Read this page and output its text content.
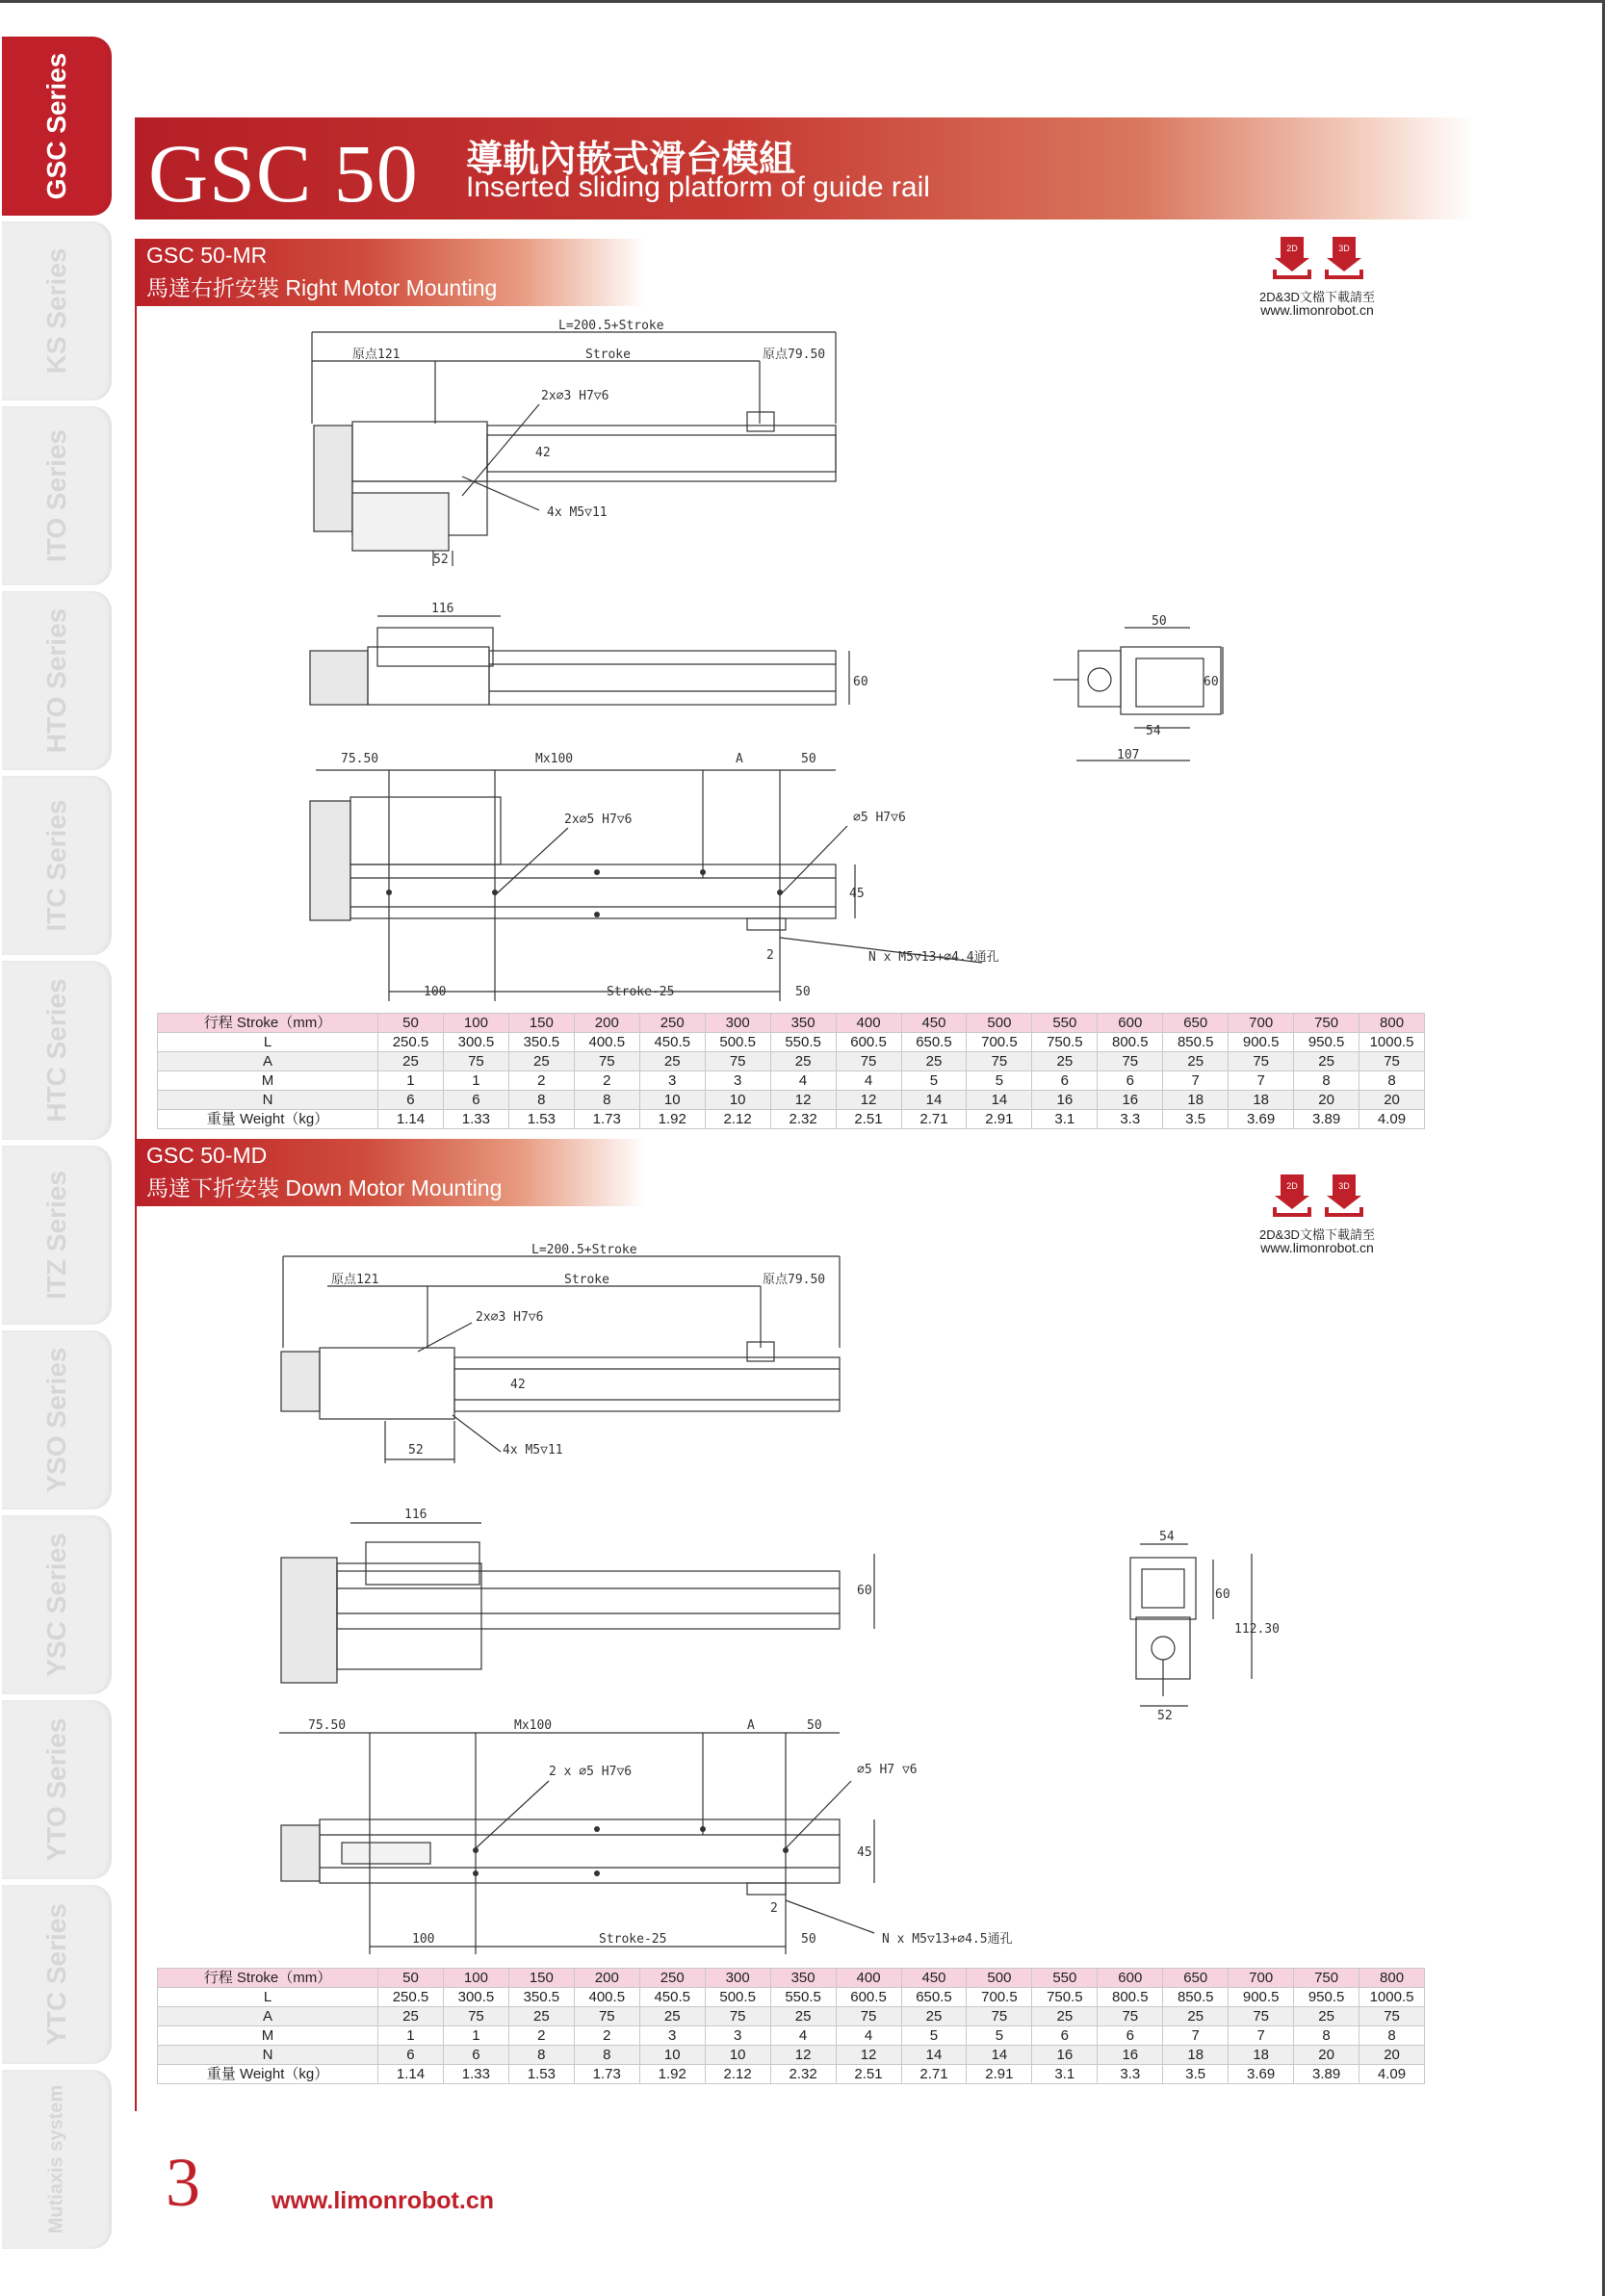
GSC Series
KS Series
ITO Series
HTO Series
ITC Series
HTC Series
ITZ Series
YSO Series
YSC Series
YTO Series
YTC Series
Mutiaxis system
GSC 50 導軌內嵌式滑台模組
Inserted sliding platform of guide rail
GSC 50-MR
馬達右折安裝 Right Motor Mounting
2D	3D
2D&3D文檔下載請至
www.limonrobot.cn
L=200.5+Stroke
原点121	Stroke	原点79.50
2x∅3 H7▽6
4x M5▽11
42
52
116
60
50
60
54
107
75.50	Mx100	A	50
2x∅5 H7▽6	∅5 H7▽6
45
2	N x M5▽13+∅4.4通孔
100	Stroke-25	50
行程 Stroke（mm）	50	100	150	200	250	300	350	400	450	500	550	600	650	700	750	800
L	250.5	300.5	350.5	400.5	450.5	500.5	550.5	600.5	650.5	700.5	750.5	800.5	850.5	900.5	950.5	1000.5
A	25	75	25	75	25	75	25	75	25	75	25	75	25	75	25	75
M	1	1	2	2	3	3	4	4	5	5	6	6	7	7	8	8
N	6	6	8	8	10	10	12	12	14	14	16	16	18	18	20	20
重量 Weight（kg）	1.14	1.33	1.53	1.73	1.92	2.12	2.32	2.51	2.71	2.91	3.1	3.3	3.5	3.69	3.89	4.09
GSC 50-MD
馬達下折安裝 Down Motor Mounting	2D	3D
2D&3D文檔下載請至
www.limonrobot.cn
L=200.5+Stroke
原点121	Stroke	原点79.50
2x∅3 H7▽6
4x M5▽11
42
52
116
60
54
60
112.30
52
75.50	Mx100	A	50
2 x ∅5 H7▽6	∅5 H7 ▽6
45
2
N x M5▽13+∅4.5通孔
100	Stroke-25	50
行程 Stroke（mm）	50	100	150	200	250	300	350	400	450	500	550	600	650	700	750	800
L	250.5	300.5	350.5	400.5	450.5	500.5	550.5	600.5	650.5	700.5	750.5	800.5	850.5	900.5	950.5	1000.5
A	25	75	25	75	25	75	25	75	25	75	25	75	25	75	25	75
M	1	1	2	2	3	3	4	4	5	5	6	6	7	7	8	8
N	6	6	8	8	10	10	12	12	14	14	16	16	18	18	20	20
重量 Weight（kg）	1.14	1.33	1.53	1.73	1.92	2.12	2.32	2.51	2.71	2.91	3.1	3.3	3.5	3.69	3.89	4.09
3	www.limonrobot.cn
